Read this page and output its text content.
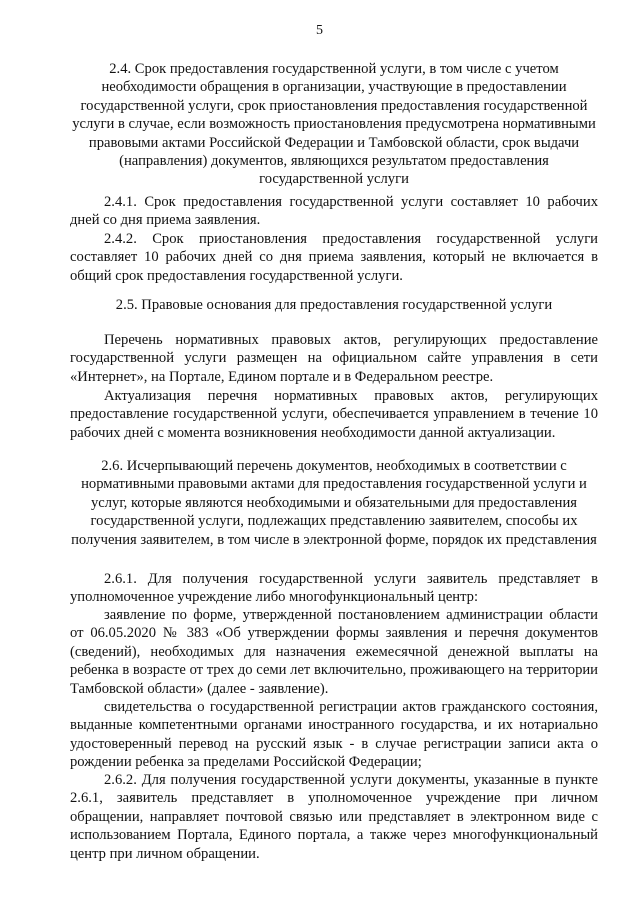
5

2.4. Срок предоставления государственной услуги, в том числе с учетом необходимости обращения в организации, участвующие в предоставлении государственной услуги, срок приостановления предоставления государственной услуги в случае, если возможность приостановления предусмотрена нормативными правовыми актами Российской Федерации и Тамбовской области, срок выдачи (направления) документов, являющихся результатом предоставления государственной услуги

2.4.1. Срок предоставления государственной услуги составляет 10 рабочих дней со дня приема заявления.

2.4.2. Срок приостановления предоставления государственной услуги составляет 10 рабочих дней со дня приема заявления, который не включается в общий срок предоставления государственной услуги.

2.5. Правовые основания для предоставления государственной услуги

Перечень нормативных правовых актов, регулирующих предоставление государственной услуги размещен на официальном сайте управления в сети «Интернет», на Портале, Едином портале и в Федеральном реестре.

Актуализация перечня нормативных правовых актов, регулирующих предоставление государственной услуги, обеспечивается управлением в течение 10 рабочих дней с момента возникновения необходимости данной актуализации.

2.6. Исчерпывающий перечень документов, необходимых в соответствии с нормативными правовыми актами для предоставления государственной услуги и услуг, которые являются необходимыми и обязательными для предоставления государственной услуги, подлежащих представлению заявителем, способы их получения заявителем, в том числе в электронной форме, порядок их представления

2.6.1. Для получения государственной услуги заявитель представляет в уполномоченное учреждение либо многофункциональный центр:

заявление по форме, утвержденной постановлением администрации области от 06.05.2020 № 383 «Об утверждении формы заявления и перечня документов (сведений), необходимых для назначения ежемесячной денежной выплаты на ребенка в возрасте от трех до семи лет включительно, проживающего на территории Тамбовской области» (далее - заявление).

свидетельства о государственной регистрации актов гражданского состояния, выданные компетентными органами иностранного государства, и их нотариально удостоверенный перевод на русский язык - в случае регистрации записи акта о рождении ребенка за пределами Российской Федерации;

2.6.2. Для получения государственной услуги документы, указанные в пункте 2.6.1, заявитель представляет в уполномоченное учреждение при личном обращении, направляет почтовой связью или представляет в электронном виде с использованием Портала, Единого портала, а также через многофункциональный центр при личном обращении.
